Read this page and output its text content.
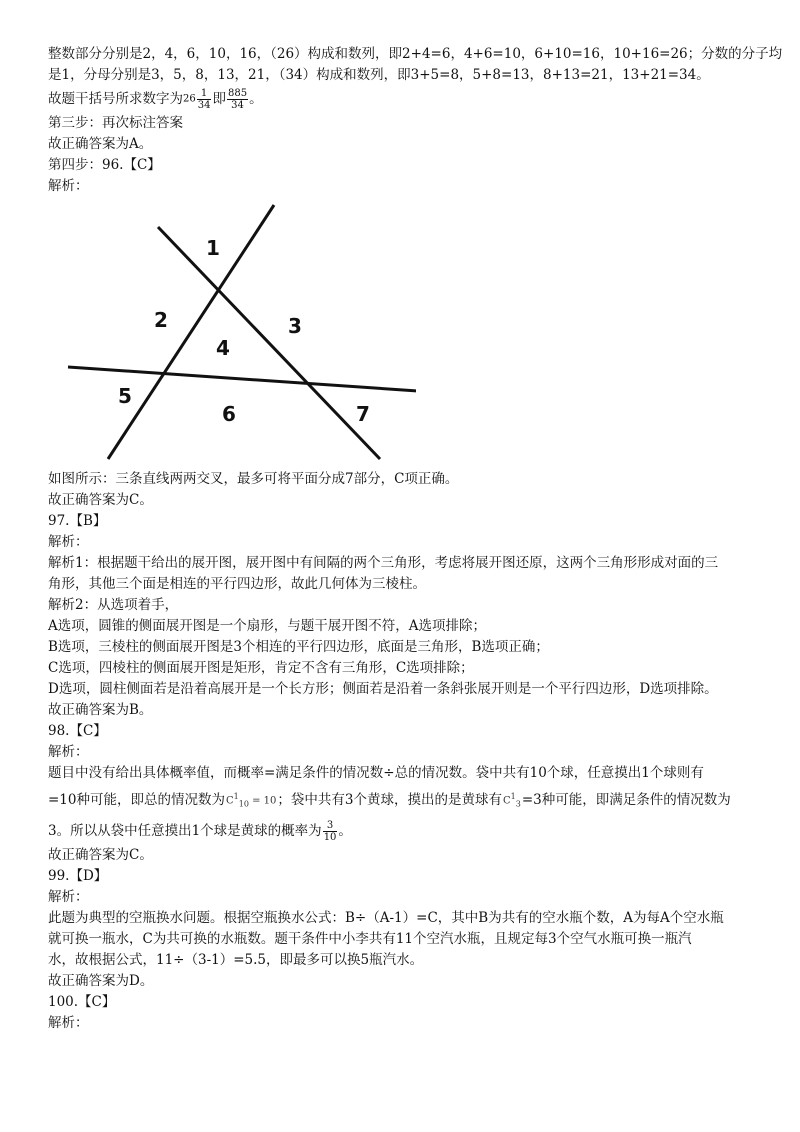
整数部分分别是2，4，6，10，16，（26）构成和数列，即2+4=6，4+6=10，6+10=16，10+16=26；分数的分子均
是1，分母分别是3，5，8，13，21，（34）构成和数列，即3+5=8，5+8=13，8+13=21，13+21=34。
故题干括号所求数字为$26 \frac{1}{34}$ 即 $\frac{885}{34}$ 。
第三步：再次标注答案
故正确答案为A。
第四步：96.【C】
解析：
1
2	3
4
5
6	7
如图所示：三条直线两两交叉，最多可将平面分成7部分，C项正确。
故正确答案为C。
97.【B】
解析：
解析1：根据题干给出的展开图，展开图中有间隔的两个三角形，考虑将展开图还原，这两个三角形形成对面的三
角形，其他三个面是相连的平行四边形，故此几何体为三棱柱。
解析2：从选项着手，
A选项，圆锥的侧面展开图是一个扇形，与题干展开图不符，A选项排除；
B选项，三棱柱的侧面展开图是3个相连的平行四边形，底面是三角形，B选项正确；
C选项，四棱柱的侧面展开图是矩形，肯定不含有三角形，C选项排除；
D选项，圆柱侧面若是沿着高展开是一个长方形；侧面若是沿着一条斜张展开则是一个平行四边形，D选项排除。
故正确答案为B。
98.【C】
解析：
题目中没有给出具体概率值，而概率=满足条件的情况数÷总的情况数。袋中共有10个球，任意摸出1个球则有
=10种可能，即总的情况数为$C^1_{10} = 10$；袋中共有3个黄球，摸出的是黄球有$C^1_3=3$种可能，即满足条件的情况数为
3。所以从袋中任意摸出1个球是黄球的概率为 $\frac{3}{10}$ 。
故正确答案为C。
99.【D】
解析：
此题为典型的空瓶换水问题。根据空瓶换水公式：B÷（A-1）=C，其中B为共有的空水瓶个数，A为每A个空水瓶
就可换一瓶水，C为共可换的水瓶数。题干条件中小李共有11个空汽水瓶，且规定每3个空气水瓶可换一瓶汽
水，故根据公式，11÷（3-1）=5.5，即最多可以换5瓶汽水。
故正确答案为D。
100.【C】
解析：
